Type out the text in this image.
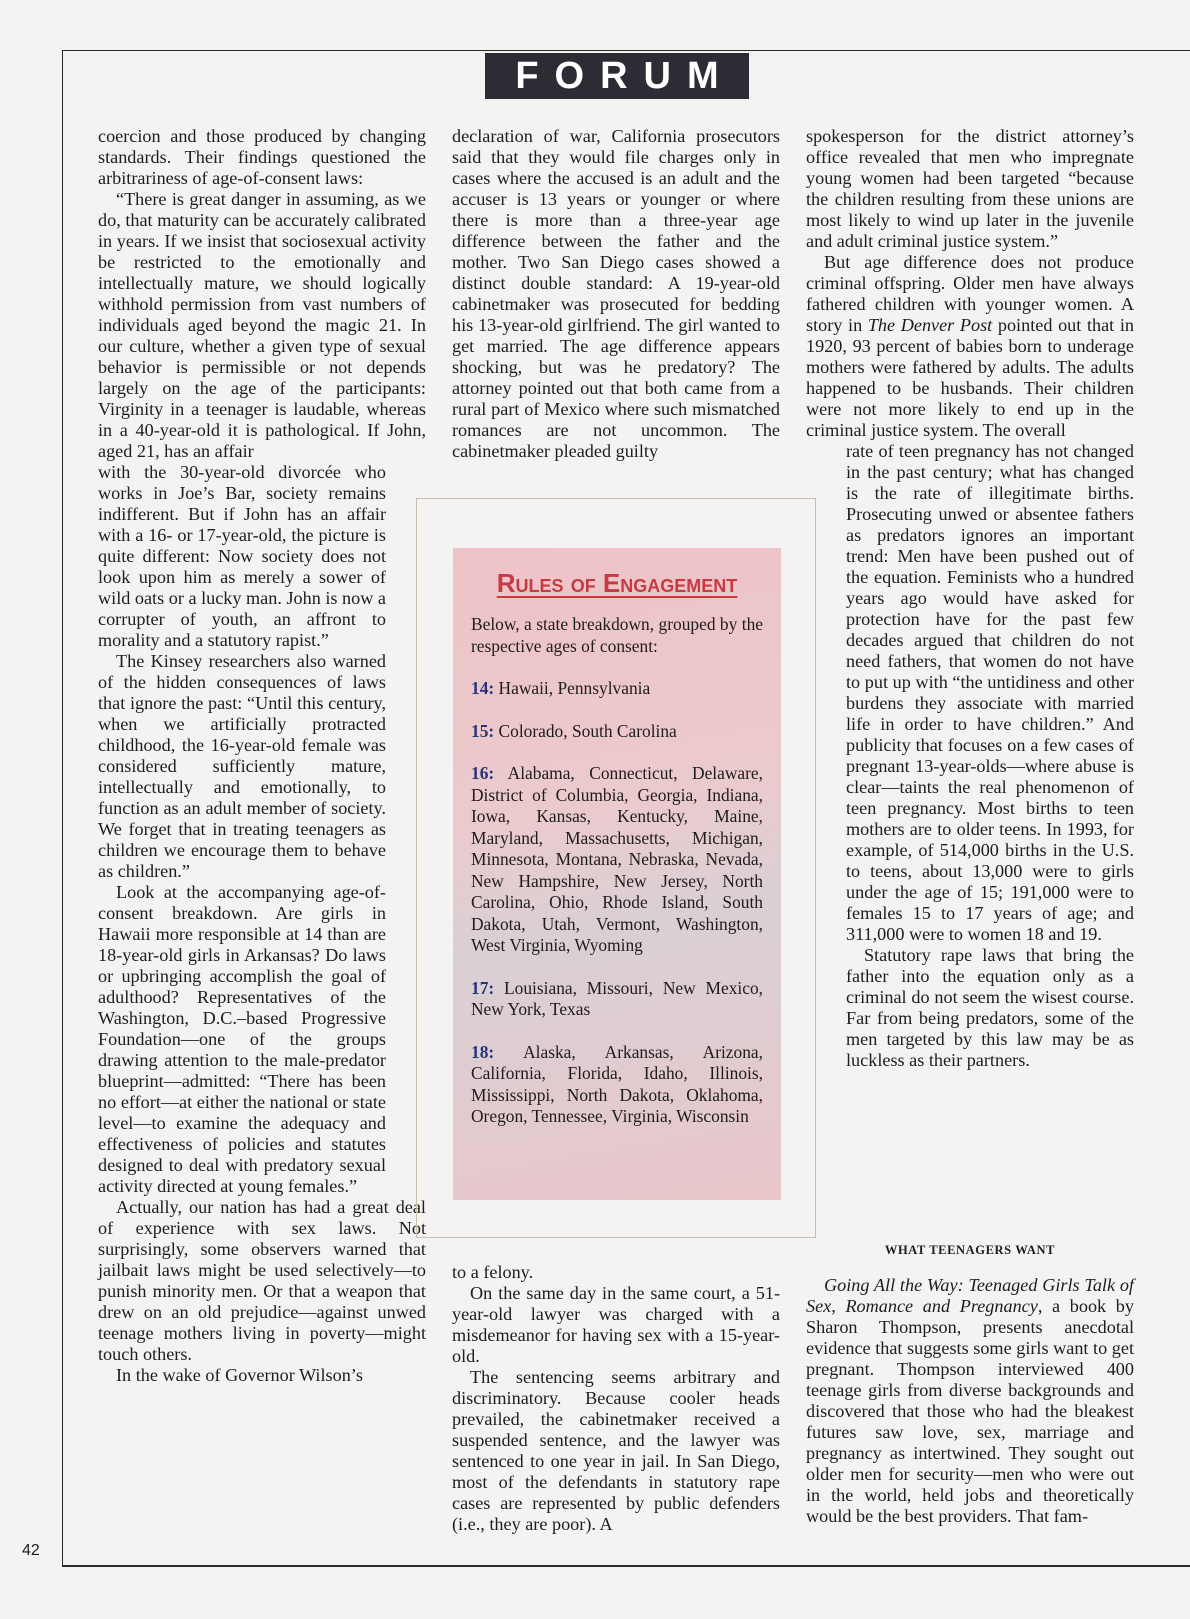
FORUM
42

coercion and those produced by changing standards. Their findings questioned the arbitrariness of age-of-consent laws:

“There is great danger in assuming, as we do, that maturity can be accurately calibrated in years. If we insist that sociosexual activity be restricted to the emotionally and intellectually mature, we should logically withhold permission from vast numbers of individuals aged beyond the magic 21. In our culture, whether a given type of sexual behavior is permissible or not depends largely on the age of the participants: Virginity in a teenager is laudable, whereas in a 40-year-old it is pathological. If John, aged 21, has an affair

with the 30-year-old divorcée who works in Joe’s Bar, society remains indifferent. But if John has an affair with a 16- or 17-year-old, the picture is quite different: Now society does not look upon him as merely a sower of wild oats or a lucky man. John is now a corrupter of youth, an affront to morality and a statutory rapist.”

The Kinsey researchers also warned of the hidden consequences of laws that ignore the past: “Until this century, when we artificially protracted childhood, the 16-year-old female was considered sufficiently mature, intellectually and emotionally, to function as an adult member of society. We forget that in treating teenagers as children we encourage them to behave as children.”

Look at the accompanying age-of-consent breakdown. Are girls in Hawaii more responsible at 14 than are 18-year-old girls in Arkansas? Do laws or upbringing accomplish the goal of adulthood? Representatives of the Washington, D.C.–based Progressive Foundation—one of the groups drawing attention to the male-predator blueprint—admitted: “There has been no effort—at either the national or state level—to examine the adequacy and effectiveness of policies and statutes designed to deal with predatory sexual activity directed at young females.”

Actually, our nation has had a great deal of experience with sex laws. Not surprisingly, some observers warned that jailbait laws might be used selectively—to punish minority men. Or that a weapon that drew on an old prejudice—against unwed teenage mothers living in poverty—might touch others.

In the wake of Governor Wilson’s

declaration of war, California prosecutors said that they would file charges only in cases where the accused is an adult and the accuser is 13 years or younger or where there is more than a three-year age difference between the father and the mother. Two San Diego cases showed a distinct double standard: A 19-year-old cabinetmaker was prosecuted for bedding his 13-year-old girlfriend. The girl wanted to get married. The age difference appears shocking, but was he predatory? The attorney pointed out that both came from a rural part of Mexico where such mismatched romances are not uncommon. The cabinetmaker pleaded guilty

Rules of Engagement

Below, a state breakdown, grouped by the respective ages of consent:

14: Hawaii, Pennsylvania

15: Colorado, South Carolina

16: Alabama, Connecticut, Delaware, District of Columbia, Georgia, Indiana, Iowa, Kansas, Kentucky, Maine, Maryland, Massachusetts, Michigan, Minnesota, Montana, Nebraska, Nevada, New Hampshire, New Jersey, North Carolina, Ohio, Rhode Island, South Dakota, Utah, Vermont, Washington, West Virginia, Wyoming

17: Louisiana, Missouri, New Mexico, New York, Texas

18: Alaska, Arkansas, Arizona, California, Florida, Idaho, Illinois, Mississippi, North Dakota, Oklahoma, Oregon, Tennessee, Virginia, Wisconsin

to a felony.

On the same day in the same court, a 51-year-old lawyer was charged with a misdemeanor for having sex with a 15-year-old.

The sentencing seems arbitrary and discriminatory. Because cooler heads prevailed, the cabinetmaker received a suspended sentence, and the lawyer was sentenced to one year in jail. In San Diego, most of the defendants in statutory rape cases are represented by public defenders (i.e., they are poor). A

spokesperson for the district attorney’s office revealed that men who impregnate young women had been targeted “because the children resulting from these unions are most likely to wind up later in the juvenile and adult criminal justice system.”

But age difference does not produce criminal offspring. Older men have always fathered children with younger women. A story in The Denver Post pointed out that in 1920, 93 percent of babies born to underage mothers were fathered by adults. The adults happened to be husbands. Their children were not more likely to end up in the criminal justice system. The overall

rate of teen pregnancy has not changed in the past century; what has changed is the rate of illegitimate births. Prosecuting unwed or absentee fathers as predators ignores an important trend: Men have been pushed out of the equation. Feminists who a hundred years ago would have asked for protection have for the past few decades argued that children do not need fathers, that women do not have to put up with “the untidiness and other burdens they associate with married life in order to have children.” And publicity that focuses on a few cases of pregnant 13-year-olds—where abuse is clear—taints the real phenomenon of teen pregnancy. Most births to teen mothers are to older teens. In 1993, for example, of 514,000 births in the U.S. to teens, about 13,000 were to girls under the age of 15; 191,000 were to females 15 to 17 years of age; and 311,000 were to women 18 and 19.

Statutory rape laws that bring the father into the equation only as a criminal do not seem the wisest course. Far from being predators, some of the men targeted by this law may be as luckless as their partners.

WHAT TEENAGERS WANT

Going All the Way: Teenaged Girls Talk of Sex, Romance and Pregnancy, a book by Sharon Thompson, presents anecdotal evidence that suggests some girls want to get pregnant. Thompson interviewed 400 teenage girls from diverse backgrounds and discovered that those who had the bleakest futures saw love, sex, marriage and pregnancy as intertwined. They sought out older men for security—men who were out in the world, held jobs and theoretically would be the best providers. That fam-
